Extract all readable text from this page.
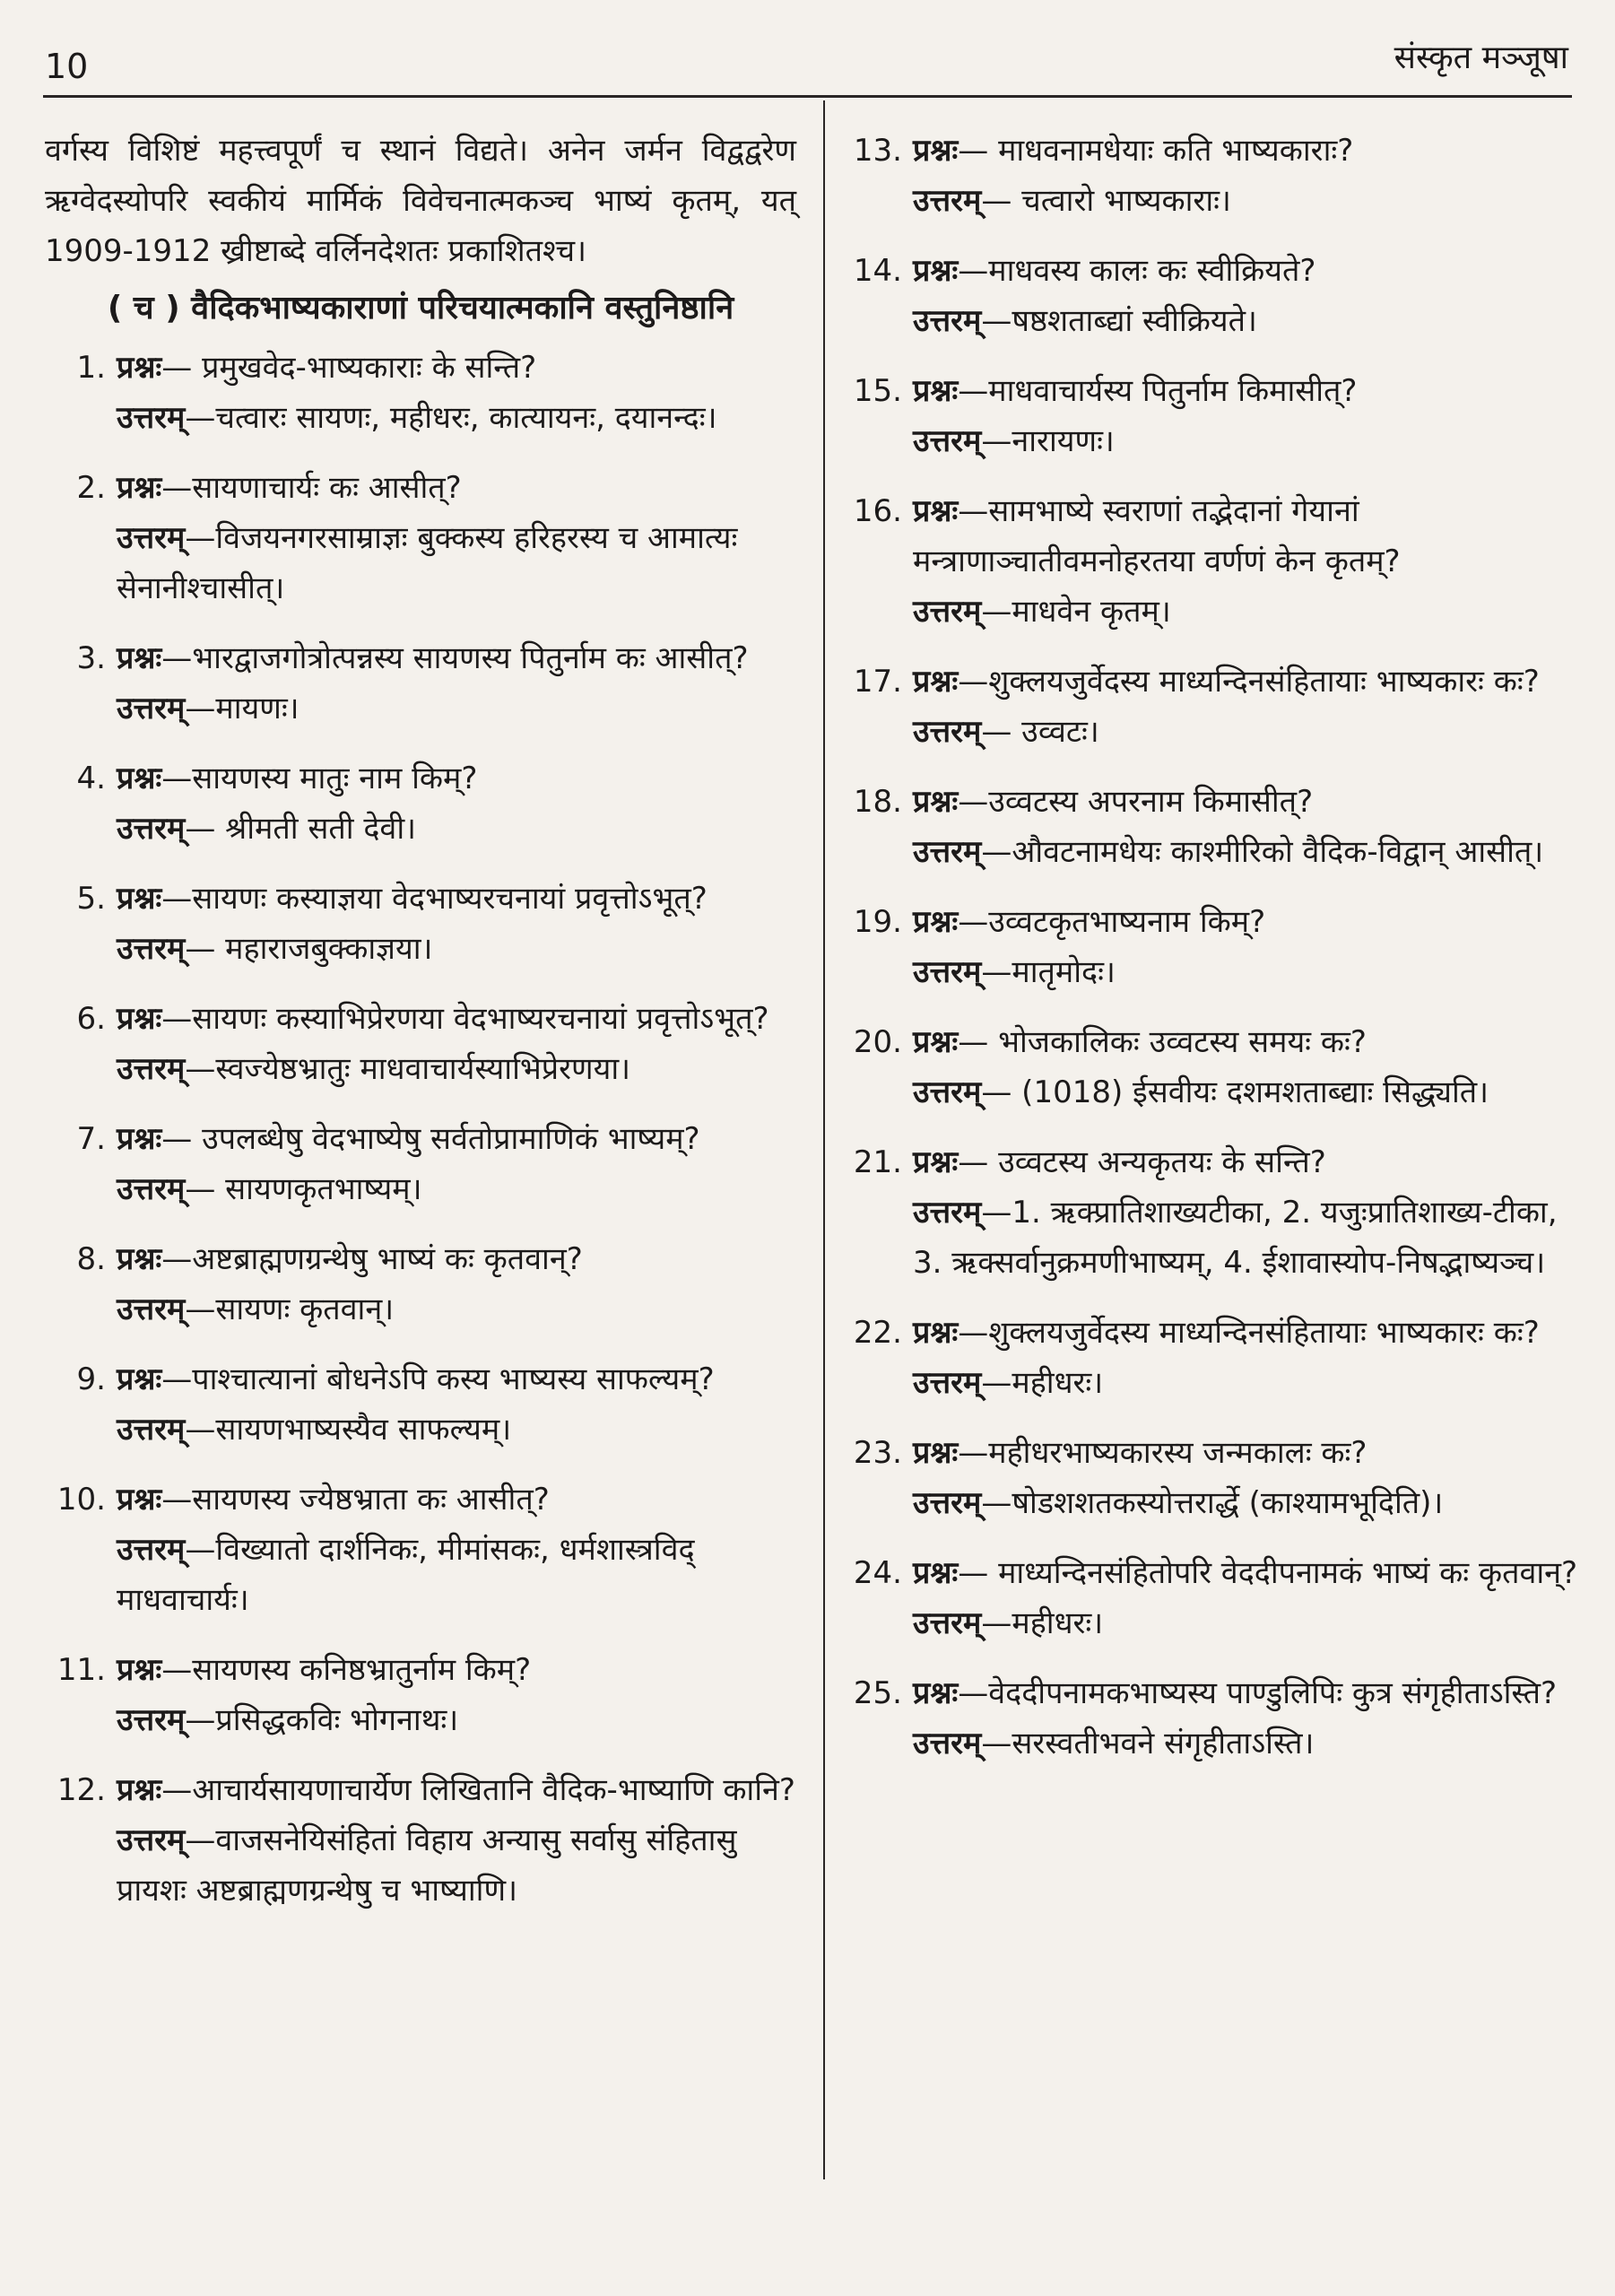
10	संस्कृत मञ्जूषा

वर्गस्य विशिष्टं महत्त्वपूर्णं च स्थानं विद्यते। अनेन जर्मन विद्वद्वरेण ऋग्वेदस्योपरि स्वकीयं मार्मिकं विवेचनात्मकञ्च भाष्यं कृतम्, यत् 1909-1912 ख्रीष्टाब्दे वर्लिनदेशतः प्रकाशितश्च।

( च ) वैदिकभाष्यकाराणां परिचयात्मकानि वस्तुनिष्ठानि
1. प्रश्नः— प्रमुखवेद-भाष्यकाराः के सन्ति?
उत्तरम्—चत्वारः सायणः, महीधरः, कात्यायनः, दयानन्दः।
2. प्रश्नः—सायणाचार्यः कः आसीत्?
उत्तरम्—विजयनगरसाम्राज्ञः बुक्कस्य हरिहरस्य च आमात्यः सेनानीश्चासीत्।
3. प्रश्नः—भारद्वाजगोत्रोत्पन्नस्य सायणस्य पितुर्नाम कः आसीत्?
उत्तरम्—मायणः।
4. प्रश्नः—सायणस्य मातुः नाम किम्?
उत्तरम्— श्रीमती सती देवी।
5. प्रश्नः—सायणः कस्याज्ञया वेदभाष्यरचनायां प्रवृत्तोऽभूत्?
उत्तरम्— महाराजबुक्काज्ञया।
6. प्रश्नः—सायणः कस्याभिप्रेरणया वेदभाष्यरचनायां प्रवृत्तोऽभूत्?
उत्तरम्—स्वज्येष्ठभ्रातुः माधवाचार्यस्याभिप्रेरणया।
7. प्रश्नः— उपलब्धेषु वेदभाष्येषु सर्वतोप्रामाणिकं भाष्यम्?
उत्तरम्— सायणकृतभाष्यम्।
8. प्रश्नः—अष्टब्राह्मणग्रन्थेषु भाष्यं कः कृतवान्?
उत्तरम्—सायणः कृतवान्।
9. प्रश्नः—पाश्चात्यानां बोधनेऽपि कस्य भाष्यस्य साफल्यम्?
उत्तरम्—सायणभाष्यस्यैव साफल्यम्।
10. प्रश्नः—सायणस्य ज्येष्ठभ्राता कः आसीत्?
उत्तरम्—विख्यातो दार्शनिकः, मीमांसकः, धर्मशास्त्रविद् माधवाचार्यः।
11. प्रश्नः—सायणस्य कनिष्ठभ्रातुर्नाम किम्?
उत्तरम्—प्रसिद्धकविः भोगनाथः।
12. प्रश्नः—आचार्यसायणाचार्येण लिखितानि वैदिक-भाष्याणि कानि?
उत्तरम्—वाजसनेयिसंहितां विहाय अन्यासु सर्वासु संहितासु प्रायशः अष्टब्राह्मणग्रन्थेषु च भाष्याणि।
13. प्रश्नः— माधवनामधेयाः कति भाष्यकाराः?
उत्तरम्— चत्वारो भाष्यकाराः।
14. प्रश्नः—माधवस्य कालः कः स्वीक्रियते?
उत्तरम्—षष्ठशताब्द्यां स्वीक्रियते।
15. प्रश्नः—माधवाचार्यस्य पितुर्नाम किमासीत्?
उत्तरम्—नारायणः।
16. प्रश्नः—सामभाष्ये स्वराणां तद्भेदानां गेयानां मन्त्राणाञ्चातीवमनोहरतया वर्णणं केन कृतम्?
उत्तरम्—माधवेन कृतम्।
17. प्रश्नः—शुक्लयजुर्वेदस्य माध्यन्दिनसंहितायाः भाष्यकारः कः?
उत्तरम्— उव्वटः।
18. प्रश्नः—उव्वटस्य अपरनाम किमासीत्?
उत्तरम्—औवटनामधेयः काश्मीरिको वैदिक-विद्वान् आसीत्।
19. प्रश्नः—उव्वटकृतभाष्यनाम किम्?
उत्तरम्—मातृमोदः।
20. प्रश्नः— भोजकालिकः उव्वटस्य समयः कः?
उत्तरम्— (1018) ईसवीयः दशमशताब्द्याः सिद्ध्यति।
21. प्रश्नः— उव्वटस्य अन्यकृतयः के सन्ति?
उत्तरम्—1. ऋक्प्रातिशाख्यटीका, 2. यजुःप्रातिशाख्य-टीका, 3. ऋक्सर्वानुक्रमणीभाष्यम्, 4. ईशावास्योप-निषद्भाष्यञ्च।
22. प्रश्नः—शुक्लयजुर्वेदस्य माध्यन्दिनसंहितायाः भाष्यकारः कः?
उत्तरम्—महीधरः।
23. प्रश्नः—महीधरभाष्यकारस्य जन्मकालः कः?
उत्तरम्—षोडशशतकस्योत्तरार्द्धे (काश्यामभूदिति)।
24. प्रश्नः— माध्यन्दिनसंहितोपरि वेददीपनामकं भाष्यं कः कृतवान्?
उत्तरम्—महीधरः।
25. प्रश्नः—वेददीपनामकभाष्यस्य पाण्डुलिपिः कुत्र संगृहीताऽस्ति?
उत्तरम्—सरस्वतीभवने संगृहीताऽस्ति।
